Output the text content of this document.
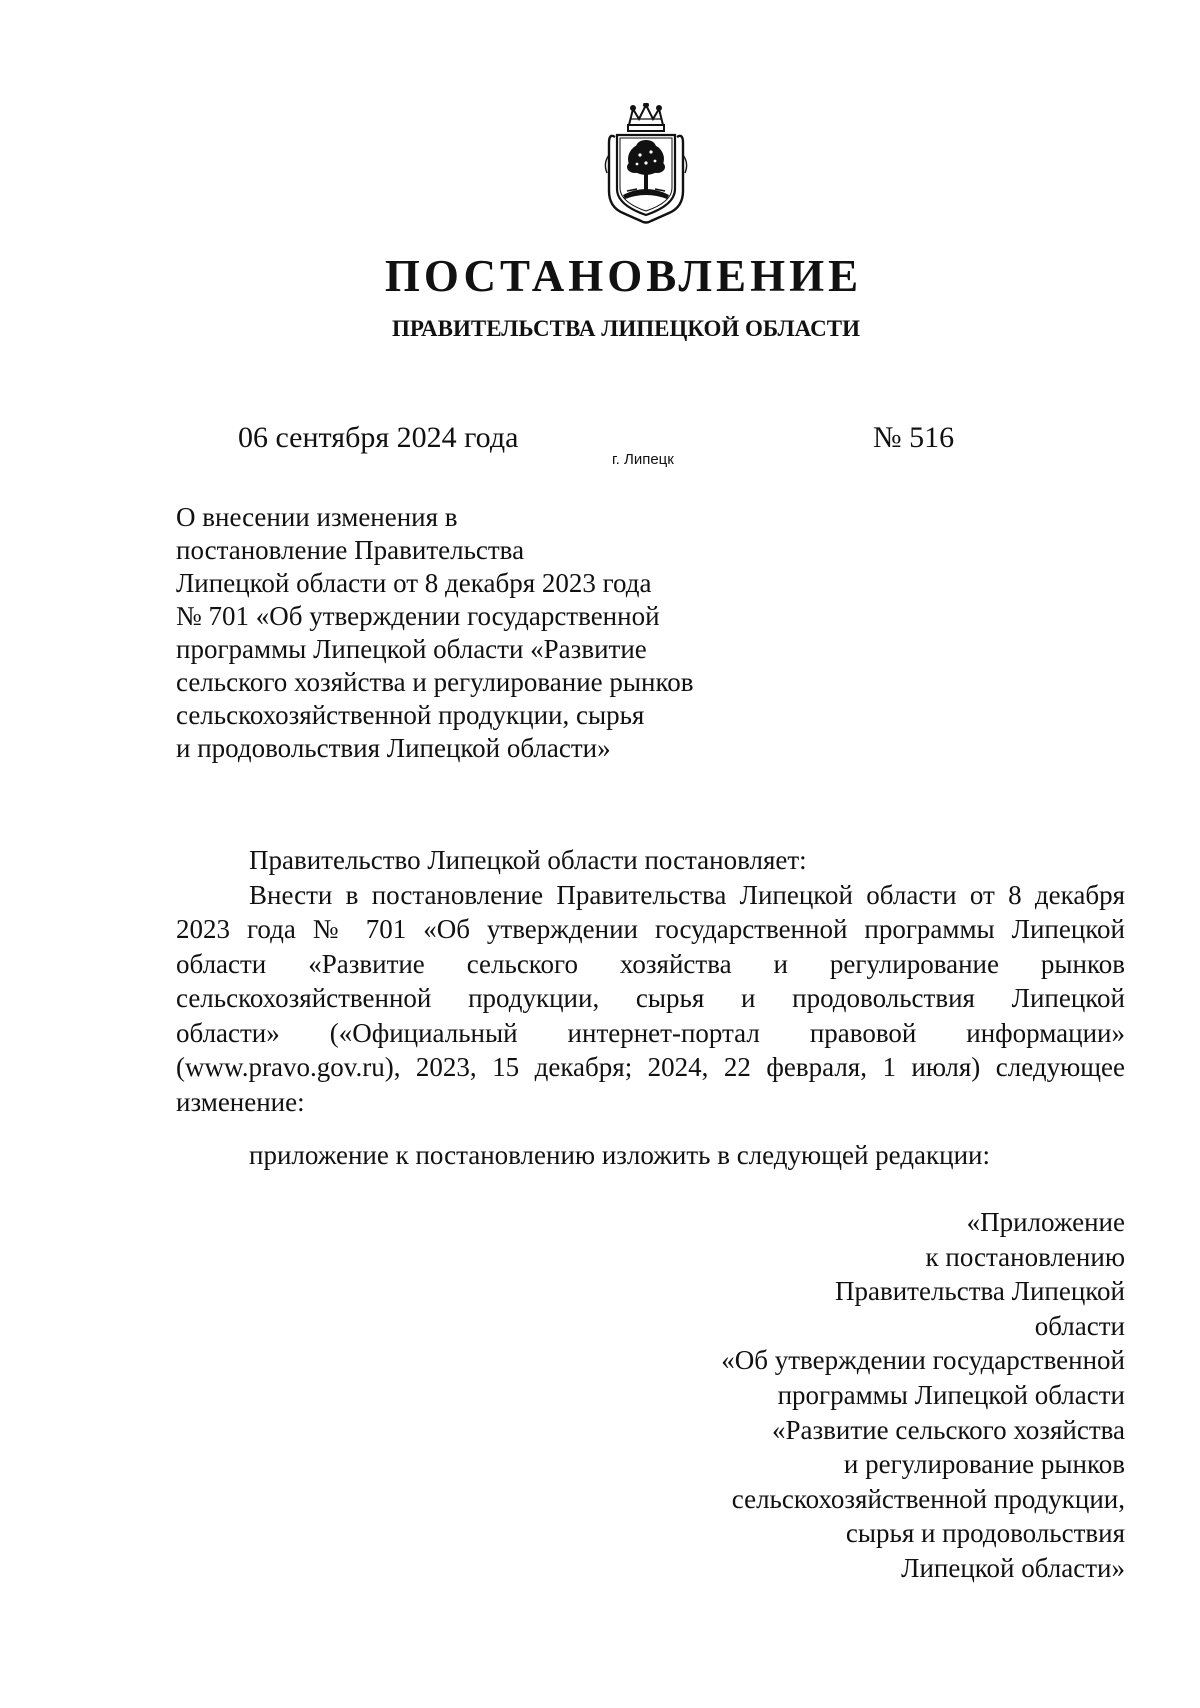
ПОСТАНОВЛЕНИЕ
ПРАВИТЕЛЬСТВА ЛИПЕЦКОЙ ОБЛАСТИ
06 сентября 2024 года
г. Липецк
№ 516
О внесении изменения в
постановление Правительства
Липецкой области от 8 декабря 2023 года
№ 701 «Об утверждении государственной
программы Липецкой области «Развитие
сельского хозяйства и регулирование рынков
сельскохозяйственной продукции, сырья
и продовольствия Липецкой области»
Правительство Липецкой области постановляет:
Внести в постановление Правительства Липецкой области от 8 декабря
2023 года № 701 «Об утверждении государственной программы Липецкой
области «Развитие сельского хозяйства и регулирование рынков
сельскохозяйственной продукции, сырья и продовольствия Липецкой
области» («Официальный интернет-портал правовой информации»
(www.pravo.gov.ru), 2023, 15 декабря; 2024, 22 февраля, 1 июля) следующее
изменение:
приложение к постановлению изложить в следующей редакции:
«Приложение
к постановлению
Правительства Липецкой
области
«Об утверждении государственной
программы Липецкой области
«Развитие сельского хозяйства
и регулирование рынков
сельскохозяйственной продукции,
сырья и продовольствия
Липецкой области»
